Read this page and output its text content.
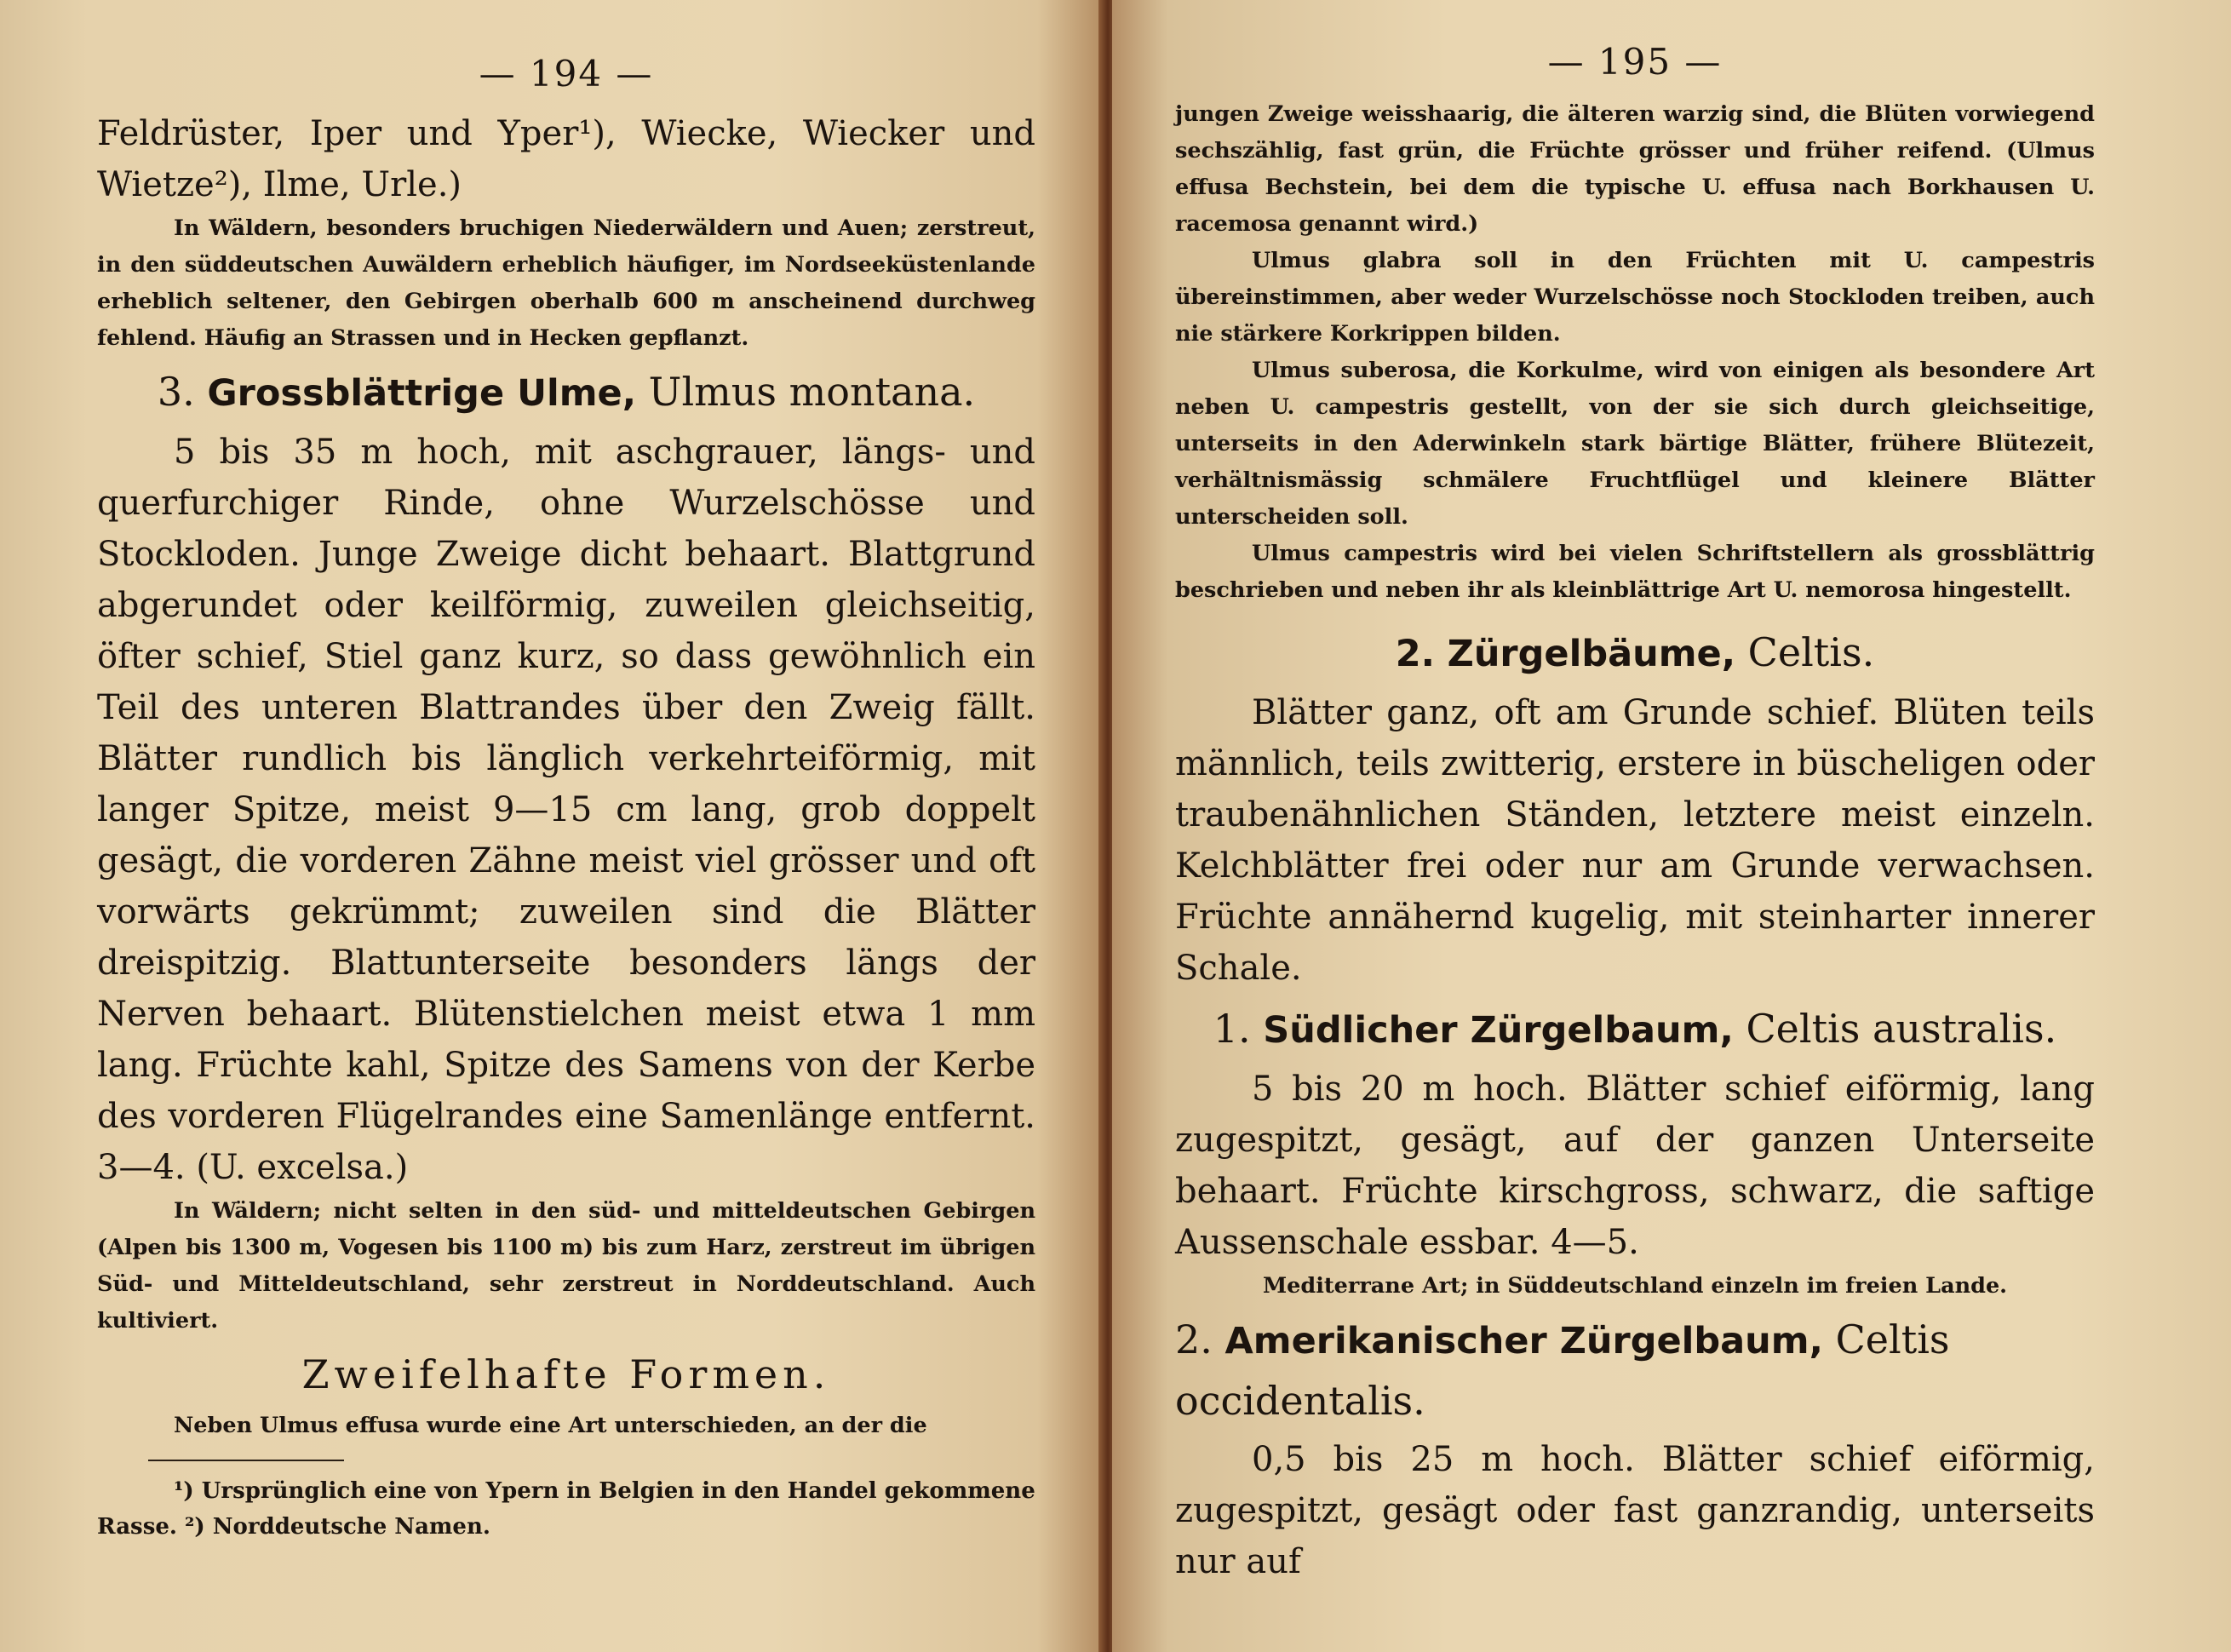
— 194 —

Feldrüster, Iper und Yper¹), Wiecke, Wiecker und Wietze²), Ilme, Urle.)

In Wäldern, besonders bruchigen Niederwäldern und Auen; zerstreut, in den süddeutschen Auwäldern erheblich häufiger, im Nordseeküstenlande erheblich seltener, den Gebirgen oberhalb 600 m anscheinend durchweg fehlend. Häufig an Strassen und in Hecken gepflanzt.

3. Grossblättrige Ulme, Ulmus montana.

5 bis 35 m hoch, mit aschgrauer, längs- und querfurchiger Rinde, ohne Wurzelschösse und Stockloden. Junge Zweige dicht behaart. Blattgrund abgerundet oder keilförmig, zuweilen gleichseitig, öfter schief, Stiel ganz kurz, so dass gewöhnlich ein Teil des unteren Blattrandes über den Zweig fällt. Blätter rundlich bis länglich verkehrteiförmig, mit langer Spitze, meist 9—15 cm lang, grob doppelt gesägt, die vorderen Zähne meist viel grösser und oft vorwärts gekrümmt; zuweilen sind die Blätter dreispitzig. Blattunterseite besonders längs der Nerven behaart. Blütenstielchen meist etwa 1 mm lang. Früchte kahl, Spitze des Samens von der Kerbe des vorderen Flügelrandes eine Samenlänge entfernt. 3—4. (U. excelsa.)

In Wäldern; nicht selten in den süd- und mitteldeutschen Gebirgen (Alpen bis 1300 m, Vogesen bis 1100 m) bis zum Harz, zerstreut im übrigen Süd- und Mitteldeutschland, sehr zerstreut in Norddeutschland. Auch kultiviert.

Zweifelhafte Formen.

Neben Ulmus effusa wurde eine Art unterschieden, an der die

¹) Ursprünglich eine von Ypern in Belgien in den Handel gekommene Rasse. ²) Norddeutsche Namen.

— 195 —

jungen Zweige weisshaarig, die älteren warzig sind, die Blüten vorwiegend sechszählig, fast grün, die Früchte grösser und früher reifend. (Ulmus effusa Bechstein, bei dem die typische U. effusa nach Borkhausen U. racemosa genannt wird.)

Ulmus glabra soll in den Früchten mit U. campestris übereinstimmen, aber weder Wurzelschösse noch Stockloden treiben, auch nie stärkere Korkrippen bilden.

Ulmus suberosa, die Korkulme, wird von einigen als besondere Art neben U. campestris gestellt, von der sie sich durch gleichseitige, unterseits in den Aderwinkeln stark bärtige Blätter, frühere Blütezeit, verhältnismässig schmälere Fruchtflügel und kleinere Blätter unterscheiden soll.

Ulmus campestris wird bei vielen Schriftstellern als grossblättrig beschrieben und neben ihr als kleinblättrige Art U. nemorosa hingestellt.

2. Zürgelbäume, Celtis.

Blätter ganz, oft am Grunde schief. Blüten teils männlich, teils zwitterig, erstere in büscheligen oder traubenähnlichen Ständen, letztere meist einzeln. Kelchblätter frei oder nur am Grunde verwachsen. Früchte annähernd kugelig, mit steinharter innerer Schale.

1. Südlicher Zürgelbaum, Celtis australis.

5 bis 20 m hoch. Blätter schief eiförmig, lang zugespitzt, gesägt, auf der ganzen Unterseite behaart. Früchte kirschgross, schwarz, die saftige Aussenschale essbar. 4—5.

Mediterrane Art; in Süddeutschland einzeln im freien Lande.

2. Amerikanischer Zürgelbaum, Celtis occidentalis.

0,5 bis 25 m hoch. Blätter schief eiförmig, zugespitzt, gesägt oder fast ganzrandig, unterseits nur auf
